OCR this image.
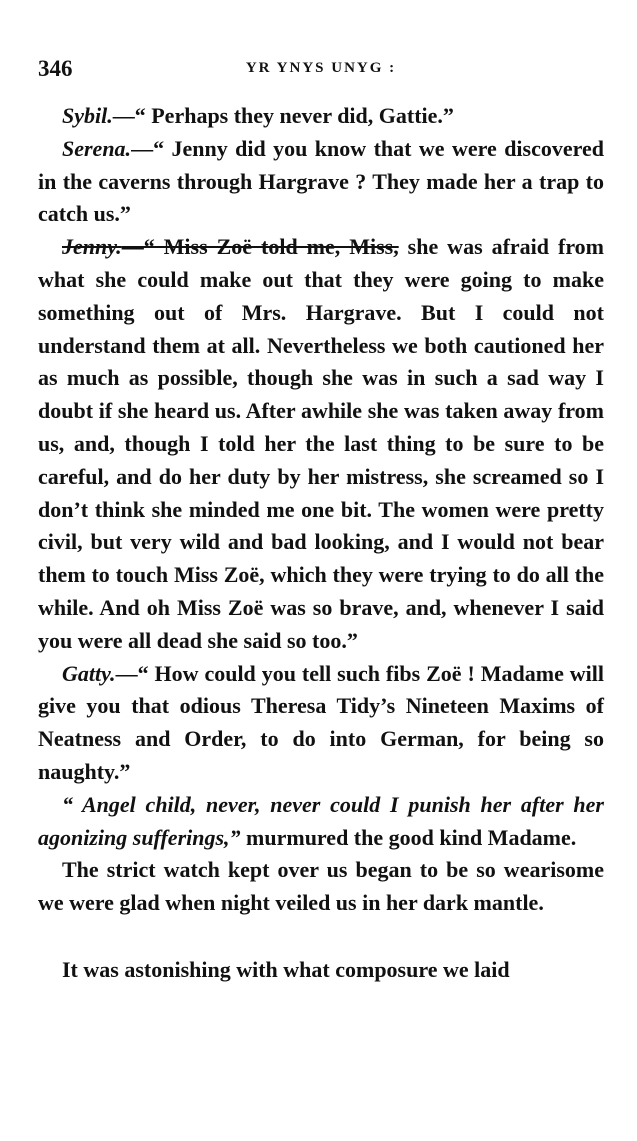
346	YR YNYS UNYG :

Sybil.—“ Perhaps they never did, Gattie.”

Serena.—“ Jenny did you know that we were discovered in the caverns through Hargrave ? They made her a trap to catch us.”

Jenny.—“ Miss Zoë told me, Miss, she was afraid from what she could make out that they were going to make something out of Mrs. Hargrave. But I could not understand them at all. Nevertheless we both cautioned her as much as possible, though she was in such a sad way I doubt if she heard us. After awhile she was taken away from us, and, though I told her the last thing to be sure to be careful, and do her duty by her mistress, she screamed so I don’t think she minded me one bit. The women were pretty civil, but very wild and bad looking, and I would not bear them to touch Miss Zoë, which they were trying to do all the while. And oh Miss Zoë was so brave, and, whenever I said you were all dead she said so too.”

Gatty.—“ How could you tell such fibs Zoë ! Madame will give you that odious Theresa Tidy’s Nineteen Maxims of Neatness and Order, to do into German, for being so naughty.”

“ Angel child, never, never could I punish her after her agonizing sufferings,” murmured the good kind Madame.

The strict watch kept over us began to be so wearisome we were glad when night veiled us in her dark mantle.

It was astonishing with what composure we laid
